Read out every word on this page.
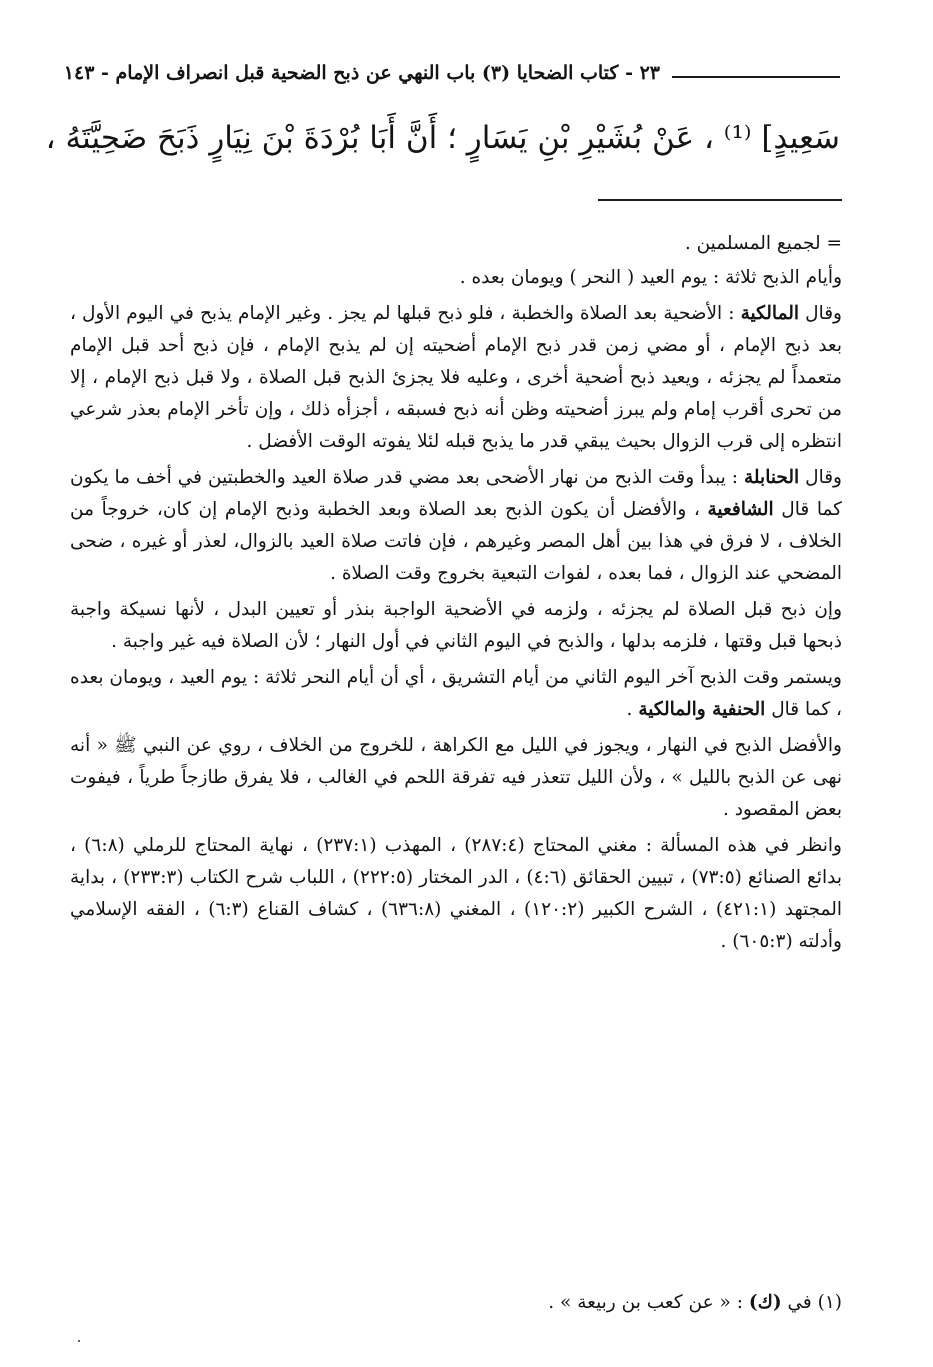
٢٣ - كتاب الضحايا (٣) باب النهي عن ذبح الضحية قبل انصراف الإمام - ١٤٣
سَعِيدٍ] ⁽¹⁾ ، عَنْ بُشَيْرِ بْنِ يَسَارٍ ؛ أَنَّ أَبَا بُرْدَةَ بْنَ نِيَارٍ ذَبَحَ ضَحِيَّتَهُ ،

= لجميع المسلمين .

وأيام الذبح ثلاثة : يوم العيد ( النحر ) ويومان بعده .

وقال المالكية : الأضحية بعد الصلاة والخطبة ، فلو ذبح قبلها لم يجز . وغير الإمام يذبح في اليوم الأول ، بعد ذبح الإمام ، أو مضي زمن قدر ذبح الإمام أضحيته إن لم يذبح الإمام ، فإن ذبح أحد قبل الإمام متعمداً لم يجزئه ، ويعيد ذبح أضحية أخرى ، وعليه فلا يجزئ الذبح قبل الصلاة ، ولا قبل ذبح الإمام ، إلا من تحرى أقرب إمام ولم يبرز أضحيته وظن أنه ذبح فسبقه ، أجزأه ذلك ، وإن تأخر الإمام بعذر شرعي انتظره إلى قرب الزوال بحيث يبقي قدر ما يذبح قبله لئلا يفوته الوقت الأفضل .

وقال الحنابلة : يبدأ وقت الذبح من نهار الأضحى بعد مضي قدر صلاة العيد والخطبتين في أخف ما يكون كما قال الشافعية ، والأفضل أن يكون الذبح بعد الصلاة وبعد الخطبة وذبح الإمام إن كان، خروجاً من الخلاف ، لا فرق في هذا بين أهل المصر وغيرهم ، فإن فاتت صلاة العيد بالزوال، لعذر أو غيره ، ضحى المضحي عند الزوال ، فما بعده ، لفوات التبعية بخروج وقت الصلاة .

وإن ذبح قبل الصلاة لم يجزئه ، ولزمه في الأضحية الواجبة بنذر أو تعيين البدل ، لأنها نسيكة واجبة ذبحها قبل وقتها ، فلزمه بدلها ، والذبح في اليوم الثاني في أول النهار ؛ لأن الصلاة فيه غير واجبة .

ويستمر وقت الذبح آخر اليوم الثاني من أيام التشريق ، أي أن أيام النحر ثلاثة : يوم العيد ، ويومان بعده ، كما قال الحنفية والمالكية .

والأفضل الذبح في النهار ، ويجوز في الليل مع الكراهة ، للخروج من الخلاف ، روي عن النبي ﷺ « أنه نهى عن الذبح بالليل » ، ولأن الليل تتعذر فيه تفرقة اللحم في الغالب ، فلا يفرق طازجاً طرياً ، فيفوت بعض المقصود .

وانظر في هذه المسألة : مغني المحتاج (٢٨٧:٤) ، المهذب (٢٣٧:١) ، نهاية المحتاج للرملي (٦:٨) ، بدائع الصنائع (٧٣:٥) ، تبيين الحقائق (٤:٦) ، الدر المختار (٢٢٢:٥) ، اللباب شرح الكتاب (٢٣٣:٣) ، بداية المجتهد (٤٢١:١) ، الشرح الكبير (١٢٠:٢) ، المغني (٦٣٦:٨) ، كشاف القناع (٦:٣) ، الفقه الإسلامي وأدلته (٦٠٥:٣) .

(١) في (ك) : « عن كعب بن ربيعة » .
